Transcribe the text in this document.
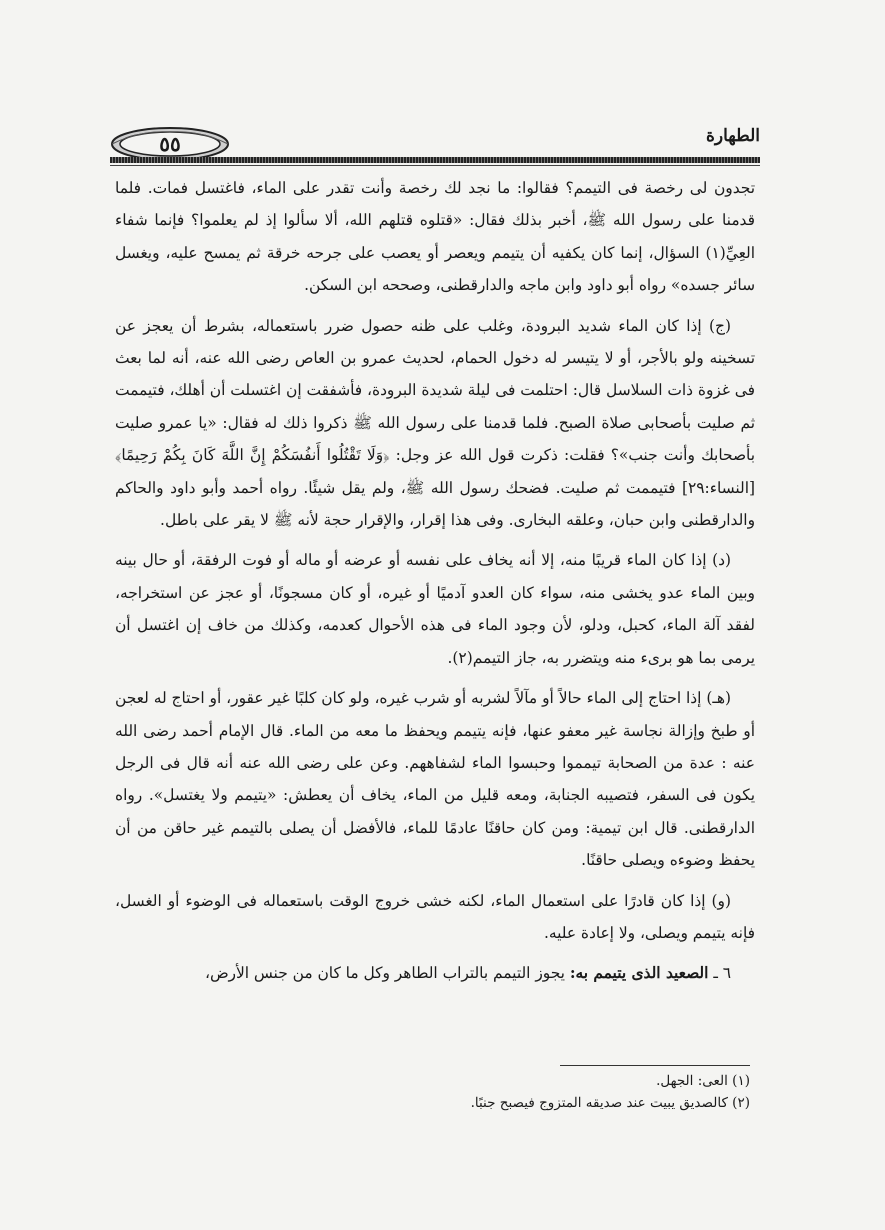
٥٥	الطهارة

تجدون لى رخصة فى التيمم؟ فقالوا: ما نجد لك رخصة وأنت تقدر على الماء، فاغتسل فمات. فلما قدمنا على رسول الله ﷺ، أخبر بذلك فقال: «قتلوه قتلهم الله، ألا سألوا إذ لم يعلموا؟ فإنما شفاء العِيِّ(١) السؤال، إنما كان يكفيه أن يتيمم ويعصر أو يعصب على جرحه خرقة ثم يمسح عليه، ويغسل سائر جسده» رواه أبو داود وابن ماجه والدارقطنى، وصححه ابن السكن.

(ج) إذا كان الماء شديد البرودة، وغلب على ظنه حصول ضرر باستعماله، بشرط أن يعجز عن تسخينه ولو بالأجر، أو لا يتيسر له دخول الحمام، لحديث عمرو بن العاص رضى الله عنه، أنه لما بعث فى غزوة ذات السلاسل قال: احتلمت فى ليلة شديدة البرودة، فأشفقت إن اغتسلت أن أهلك، فتيممت ثم صليت بأصحابى صلاة الصبح. فلما قدمنا على رسول الله ﷺ ذكروا ذلك له فقال: «يا عمرو صليت بأصحابك وأنت جنب»؟ فقلت: ذكرت قول الله عز وجل: ﴿وَلَا تَقْتُلُوا أَنفُسَكُمْ إِنَّ اللَّهَ كَانَ بِكُمْ رَحِيمًا﴾ [النساء:٢٩] فتيممت ثم صليت. فضحك رسول الله ﷺ، ولم يقل شيئًا. رواه أحمد وأبو داود والحاكم والدارقطنى وابن حبان، وعلقه البخارى. وفى هذا إقرار، والإقرار حجة لأنه ﷺ لا يقر على باطل.

(د) إذا كان الماء قريبًا منه، إلا أنه يخاف على نفسه أو عرضه أو ماله أو فوت الرفقة، أو حال بينه وبين الماء عدو يخشى منه، سواء كان العدو آدميًا أو غيره، أو كان مسجونًا، أو عجز عن استخراجه، لفقد آلة الماء، كحبل، ودلو، لأن وجود الماء فى هذه الأحوال كعدمه، وكذلك من خاف إن اغتسل أن يرمى بما هو برىء منه ويتضرر به، جاز التيمم(٢).

(هـ) إذا احتاج إلى الماء حالاً أو مآلاً لشربه أو شرب غيره، ولو كان كلبًا غير عقور، أو احتاج له لعجن أو طبخ وإزالة نجاسة غير معفو عنها، فإنه يتيمم ويحفظ ما معه من الماء. قال الإمام أحمد رضى الله عنه : عدة من الصحابة تيمموا وحبسوا الماء لشفاههم. وعن على رضى الله عنه أنه قال فى الرجل يكون فى السفر، فتصيبه الجنابة، ومعه قليل من الماء، يخاف أن يعطش: «يتيمم ولا يغتسل». رواه الدارقطنى. قال ابن تيمية: ومن كان حاقنًا عادمًا للماء، فالأفضل أن يصلى بالتيمم غير حاقن من أن يحفظ وضوءه ويصلى حاقنًا.

(و) إذا كان قادرًا على استعمال الماء، لكنه خشى خروج الوقت باستعماله فى الوضوء أو الغسل، فإنه يتيمم ويصلى، ولا إعادة عليه.

٦ ـ الصعيد الذى يتيمم به: يجوز التيمم بالتراب الطاهر وكل ما كان من جنس الأرض،

(١) العى: الجهل.
(٢) كالصديق يبيت عند صديقه المتزوج فيصبح جنبًا.
